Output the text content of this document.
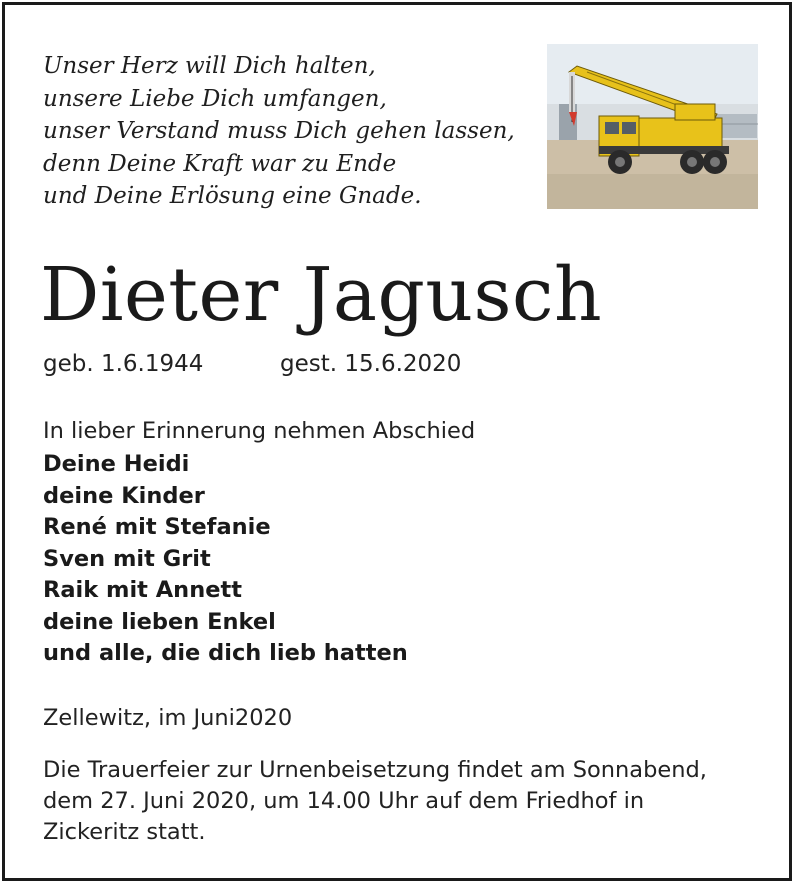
Unser Herz will Dich halten,
unsere Liebe Dich umfangen,
unser Verstand muss Dich gehen lassen,
denn Deine Kraft war zu Ende
und Deine Erlösung eine Gnade.
Dieter Jagusch
geb. 1.6.1944	gest. 15.6.2020
In lieber Erinnerung nehmen Abschied
Deine Heidi
deine Kinder
René mit Stefanie
Sven mit Grit
Raik mit Annett
deine lieben Enkel
und alle, die dich lieb hatten
Zellewitz, im Juni2020
Die Trauerfeier zur Urnenbeisetzung findet am Sonnabend,
dem 27. Juni 2020, um 14.00 Uhr auf dem Friedhof in
Zickeritz statt.
